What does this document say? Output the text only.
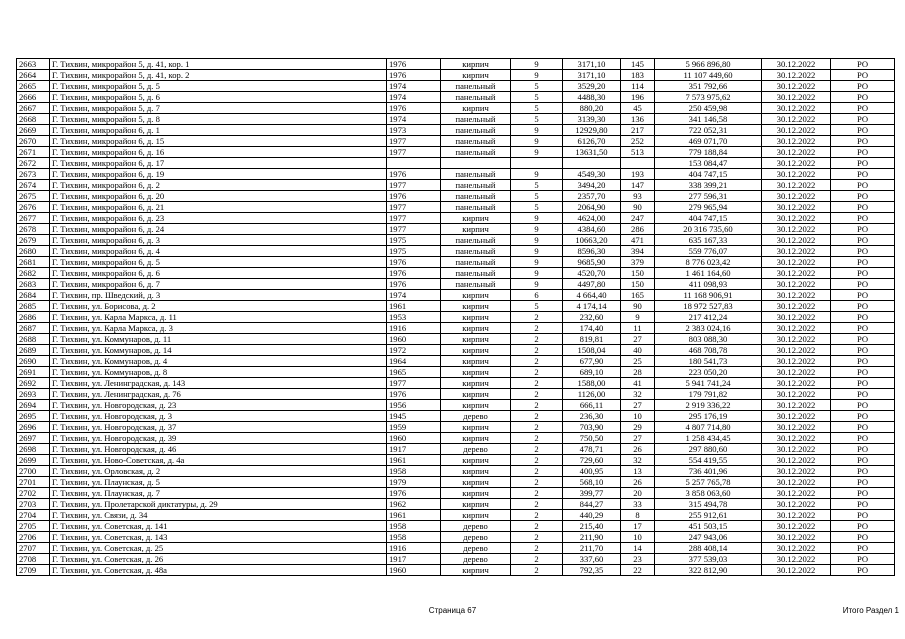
2663	Г. Тихвин, микрорайон 5, д. 41, кор. 1	1976	кирпич	9	3171,10	145	5 966 896,80	30.12.2022	РО
2664	Г. Тихвин, микрорайон 5, д. 41, кор. 2	1976	кирпич	9	3171,10	183	11 107 449,60	30.12.2022	РО
2665	Г. Тихвин, микрорайон 5, д. 5	1974	панельный	5	3529,20	114	351 792,66	30.12.2022	РО
2666	Г. Тихвин, микрорайон 5, д. 6	1974	панельный	5	4488,30	196	7 573 975,62	30.12.2022	РО
2667	Г. Тихвин, микрорайон 5, д. 7	1976	кирпич	5	880,20	45	250 459,98	30.12.2022	РО
2668	Г. Тихвин, микрорайон 5, д. 8	1974	панельный	5	3139,30	136	341 146,58	30.12.2022	РО
2669	Г. Тихвин, микрорайон 6, д. 1	1973	панельный	9	12929,80	217	722 052,31	30.12.2022	РО
2670	Г. Тихвин, микрорайон 6, д. 15	1977	панельный	9	6126,70	252	469 071,70	30.12.2022	РО
2671	Г. Тихвин, микрорайон 6, д. 16	1977	панельный	9	13631,50	513	779 188,84	30.12.2022	РО
2672	Г. Тихвин, микрорайон 6, д. 17						153 084,47	30.12.2022	РО
2673	Г. Тихвин, микрорайон 6, д. 19	1976	панельный	9	4549,30	193	404 747,15	30.12.2022	РО
2674	Г. Тихвин, микрорайон 6, д. 2	1977	панельный	5	3494,20	147	338 399,21	30.12.2022	РО
2675	Г. Тихвин, микрорайон 6, д. 20	1976	панельный	5	2357,70	93	277 596,31	30.12.2022	РО
2676	Г. Тихвин, микрорайон 6, д. 21	1977	панельный	5	2064,90	90	279 965,94	30.12.2022	РО
2677	Г. Тихвин, микрорайон 6, д. 23	1977	кирпич	9	4624,00	247	404 747,15	30.12.2022	РО
2678	Г. Тихвин, микрорайон 6, д. 24	1977	кирпич	9	4384,60	286	20 316 735,60	30.12.2022	РО
2679	Г. Тихвин, микрорайон 6, д. 3	1975	панельный	9	10663,20	471	635 167,33	30.12.2022	РО
2680	Г. Тихвин, микрорайон 6, д. 4	1975	панельный	9	8596,30	394	559 776,07	30.12.2022	РО
2681	Г. Тихвин, микрорайон 6, д. 5	1976	панельный	9	9685,90	379	8 776 023,42	30.12.2022	РО
2682	Г. Тихвин, микрорайон 6, д. 6	1976	панельный	9	4520,70	150	1 461 164,60	30.12.2022	РО
2683	Г. Тихвин, микрорайон 6, д. 7	1976	панельный	9	4497,80	150	411 098,93	30.12.2022	РО
2684	Г. Тихвин, пр. Шведский, д. 3	1974	кирпич	6	4 664,40	165	11 168 906,91	30.12.2022	РО
2685	Г. Тихвин, ул. Борисова, д. 2	1961	кирпич	5	4 174,14	90	18 972 527,83	30.12.2022	РО
2686	Г. Тихвин, ул. Карла Маркса, д. 11	1953	кирпич	2	232,60	9	217 412,24	30.12.2022	РО
2687	Г. Тихвин, ул. Карла Маркса, д. 3	1916	кирпич	2	174,40	11	2 383 024,16	30.12.2022	РО
2688	Г. Тихвин, ул. Коммунаров, д. 11	1960	кирпич	2	819,81	27	803 088,30	30.12.2022	РО
2689	Г. Тихвин, ул. Коммунаров, д. 14	1972	кирпич	2	1508,04	40	468 708,78	30.12.2022	РО
2690	Г. Тихвин, ул. Коммунаров, д. 4	1964	кирпич	2	677,90	25	180 541,73	30.12.2022	РО
2691	Г. Тихвин, ул. Коммунаров, д. 8	1965	кирпич	2	689,10	28	223 050,20	30.12.2022	РО
2692	Г. Тихвин, ул. Ленинградская, д. 143	1977	кирпич	2	1588,00	41	5 941 741,24	30.12.2022	РО
2693	Г. Тихвин, ул. Ленинградская, д. 76	1976	кирпич	2	1126,00	32	179 791,82	30.12.2022	РО
2694	Г. Тихвин, ул. Новгородская, д. 23	1956	кирпич	2	666,11	27	2 919 336,22	30.12.2022	РО
2695	Г. Тихвин, ул. Новгородская, д. 3	1945	дерево	2	236,30	10	295 176,19	30.12.2022	РО
2696	Г. Тихвин, ул. Новгородская, д. 37	1959	кирпич	2	703,90	29	4 807 714,80	30.12.2022	РО
2697	Г. Тихвин, ул. Новгородская, д. 39	1960	кирпич	2	750,50	27	1 258 434,45	30.12.2022	РО
2698	Г. Тихвин, ул. Новгородская, д. 46	1917	дерево	2	478,71	26	297 880,60	30.12.2022	РО
2699	Г. Тихвин, ул. Ново-Советская, д. 4а	1961	кирпич	2	729,60	32	554 419,55	30.12.2022	РО
2700	Г. Тихвин, ул. Орловская, д. 2	1958	кирпич	2	400,95	13	736 401,96	30.12.2022	РО
2701	Г. Тихвин, ул. Плаунская, д. 5	1979	кирпич	2	568,10	26	5 257 765,78	30.12.2022	РО
2702	Г. Тихвин, ул. Плаунская, д. 7	1976	кирпич	2	399,77	20	3 858 063,60	30.12.2022	РО
2703	Г. Тихвин, ул. Пролетарской диктатуры, д. 29	1962	кирпич	2	844,27	33	315 494,78	30.12.2022	РО
2704	Г. Тихвин, ул. Связи, д. 34	1961	кирпич	2	440,29	8	255 912,61	30.12.2022	РО
2705	Г. Тихвин, ул. Советская, д. 141	1958	дерево	2	215,40	17	451 503,15	30.12.2022	РО
2706	Г. Тихвин, ул. Советская, д. 143	1958	дерево	2	211,90	10	247 943,06	30.12.2022	РО
2707	Г. Тихвин, ул. Советская, д. 25	1916	дерево	2	211,70	14	288 408,14	30.12.2022	РО
2708	Г. Тихвин, ул. Советская, д. 26	1917	дерево	2	337,60	23	377 539,03	30.12.2022	РО
2709	Г. Тихвин, ул. Советская, д. 48а	1960	кирпич	2	792,35	22	322 812,90	30.12.2022	РО
Страница 67	Итого Раздел 1
